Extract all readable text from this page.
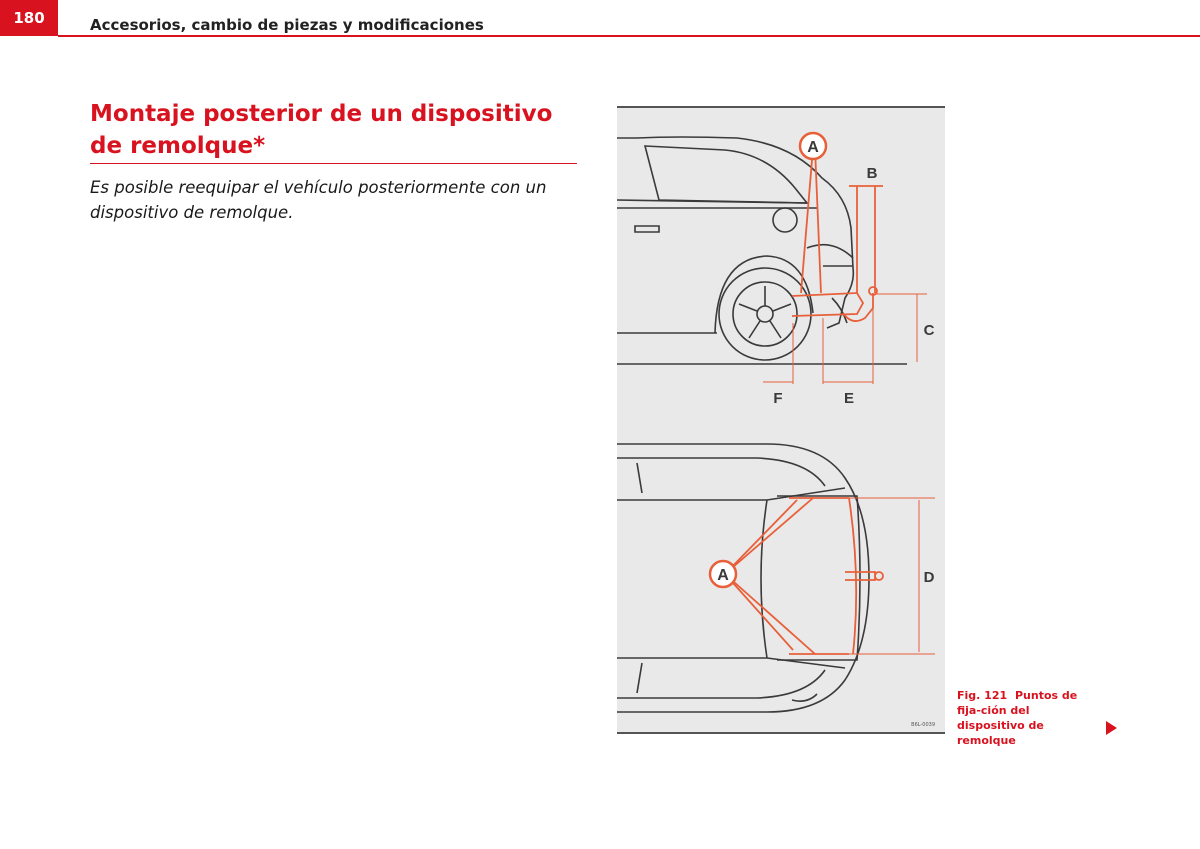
180	Accesorios, cambio de piezas y modificaciones
Montaje posterior de un dispositivo de remolque*
Es posible reequipar el vehículo posteriormente con un dispositivo de remolque.
A
B
C
E
F
A	D
B6L-0039
Fig. 121 Puntos de fija-ción del dispositivo de remolque
